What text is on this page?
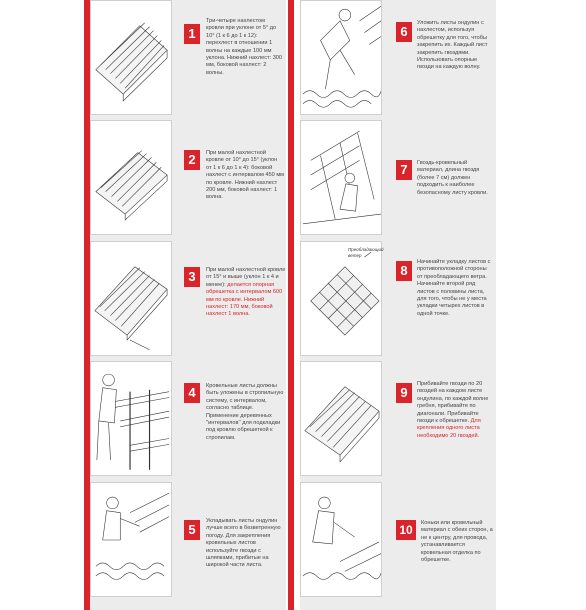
1
Три-четыре нахлестом кровли при уклоне от 5° до 10° (1 к 6 до 1 к 12): перехлест в отношении 1 волны на каждые 100 мм уклона. Нижний нахлест: 300 мм, боковой нахлест: 2 волны.
2	При малой нахлестной кровле от 10° до 15° (уклон от 1 к 6 до 1 к 4): боковой нахлест с интервалом 450 мм по кровле. Нижний нахлест 200 мм, боковой нахлест: 1 волна.
3	При малой нахлестной кровле от 15° и выше (уклон 1 к 4 и менее): делается опорная обрешетка с интервалом 600 мм по кровле. Нижний нахлест: 170 мм, боковой нахлест 1 волна.
4	Кровельные листы должны быть уложены в стропильную систему, с интервалом, согласно таблице. Применение деревянных ''интервалов'' для подкладки под кровлю обрешеткой к стропилам.
5
Укладывать листы ондулин лучше всего в безветренную погоду. Для закрепления кровельных листов используйте гвозди с шляпками, прибитые на широкой части листа.
6
Уложить листы ондулин с нахлестом, используя обрешетку для того, чтобы закрепить их. Каждый лист закрепить гвоздями. Использовать опорные гвозди на каждую волну.
7	Гвоздь-кровельный материал, длина гвоздя (более 7 см) должен подходить к наиболее безопасному листу кровли.
Преобладающий ветер
8
Начинайте укладку листов с противоположной стороны от преобладающего ветра. Начинайте второй ряд листов с половины листа, для того, чтобы не у места укладки четырех листов в одной точке.
9
Прибивайте гвозди по 20 гвоздей на каждом листе ондулина, по каждой волне гребня, прибивайте по диагонали. Прибивайте гвозди к обрешетке. Для крепления одного листа необходимо 20 гвоздей.
10	Коньки или кровельный материал с обеих сторон, а не к центру, для провода, устанавливается кровельная отделка по обрешетке.
